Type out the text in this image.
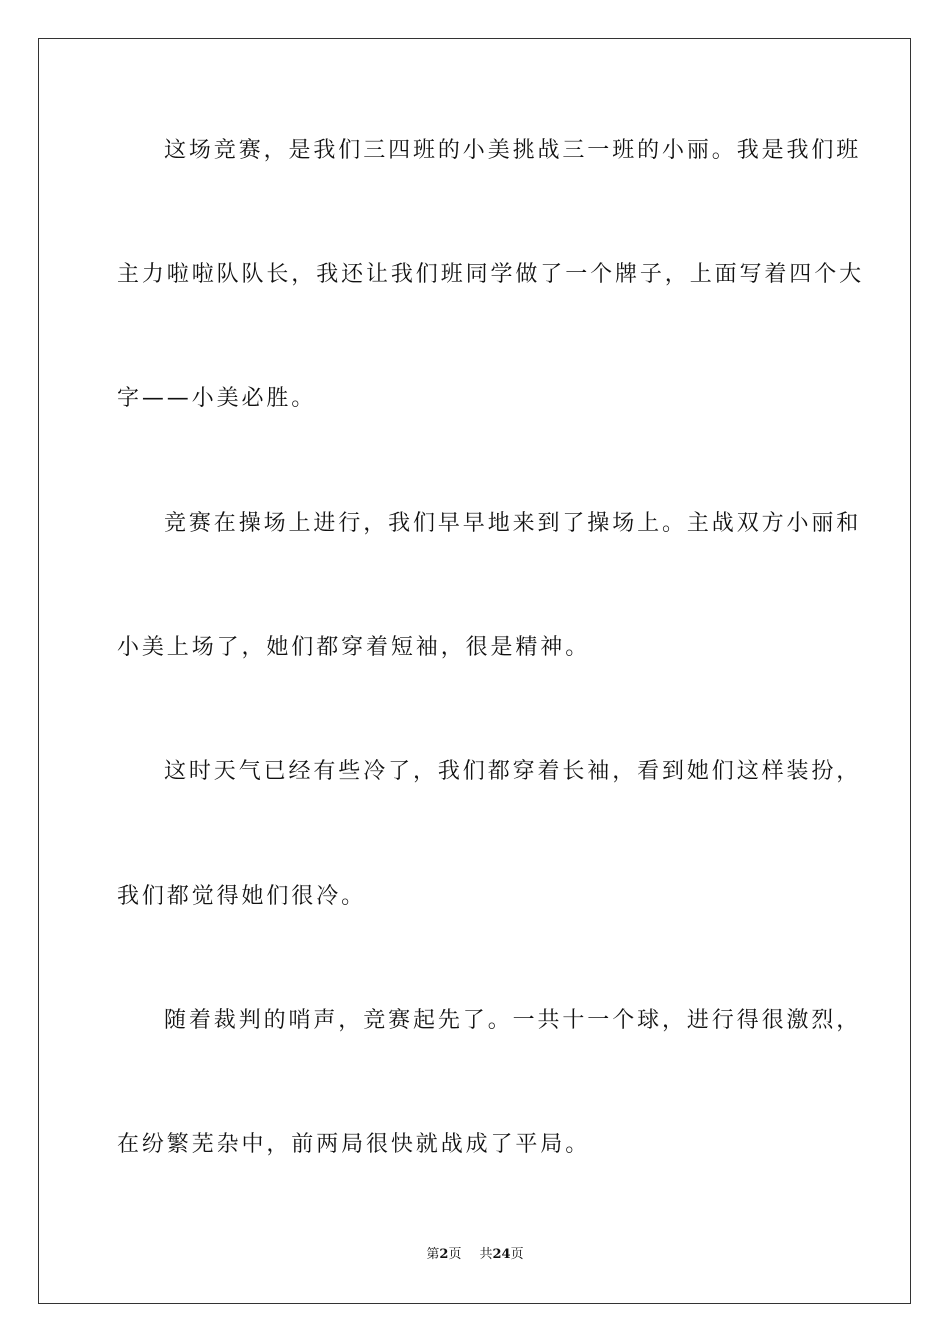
这场竞赛，是我们三四班的小美挑战三一班的小丽。我是我们班

主力啦啦队队长，我还让我们班同学做了一个牌子，上面写着四个大

字——小美必胜。

竞赛在操场上进行，我们早早地来到了操场上。主战双方小丽和

小美上场了，她们都穿着短袖，很是精神。

这时天气已经有些冷了，我们都穿着长袖，看到她们这样装扮，

我们都觉得她们很冷。

随着裁判的哨声，竞赛起先了。一共十一个球，进行得很激烈，

在纷繁芜杂中，前两局很快就战成了平局。

第2页 共24页
